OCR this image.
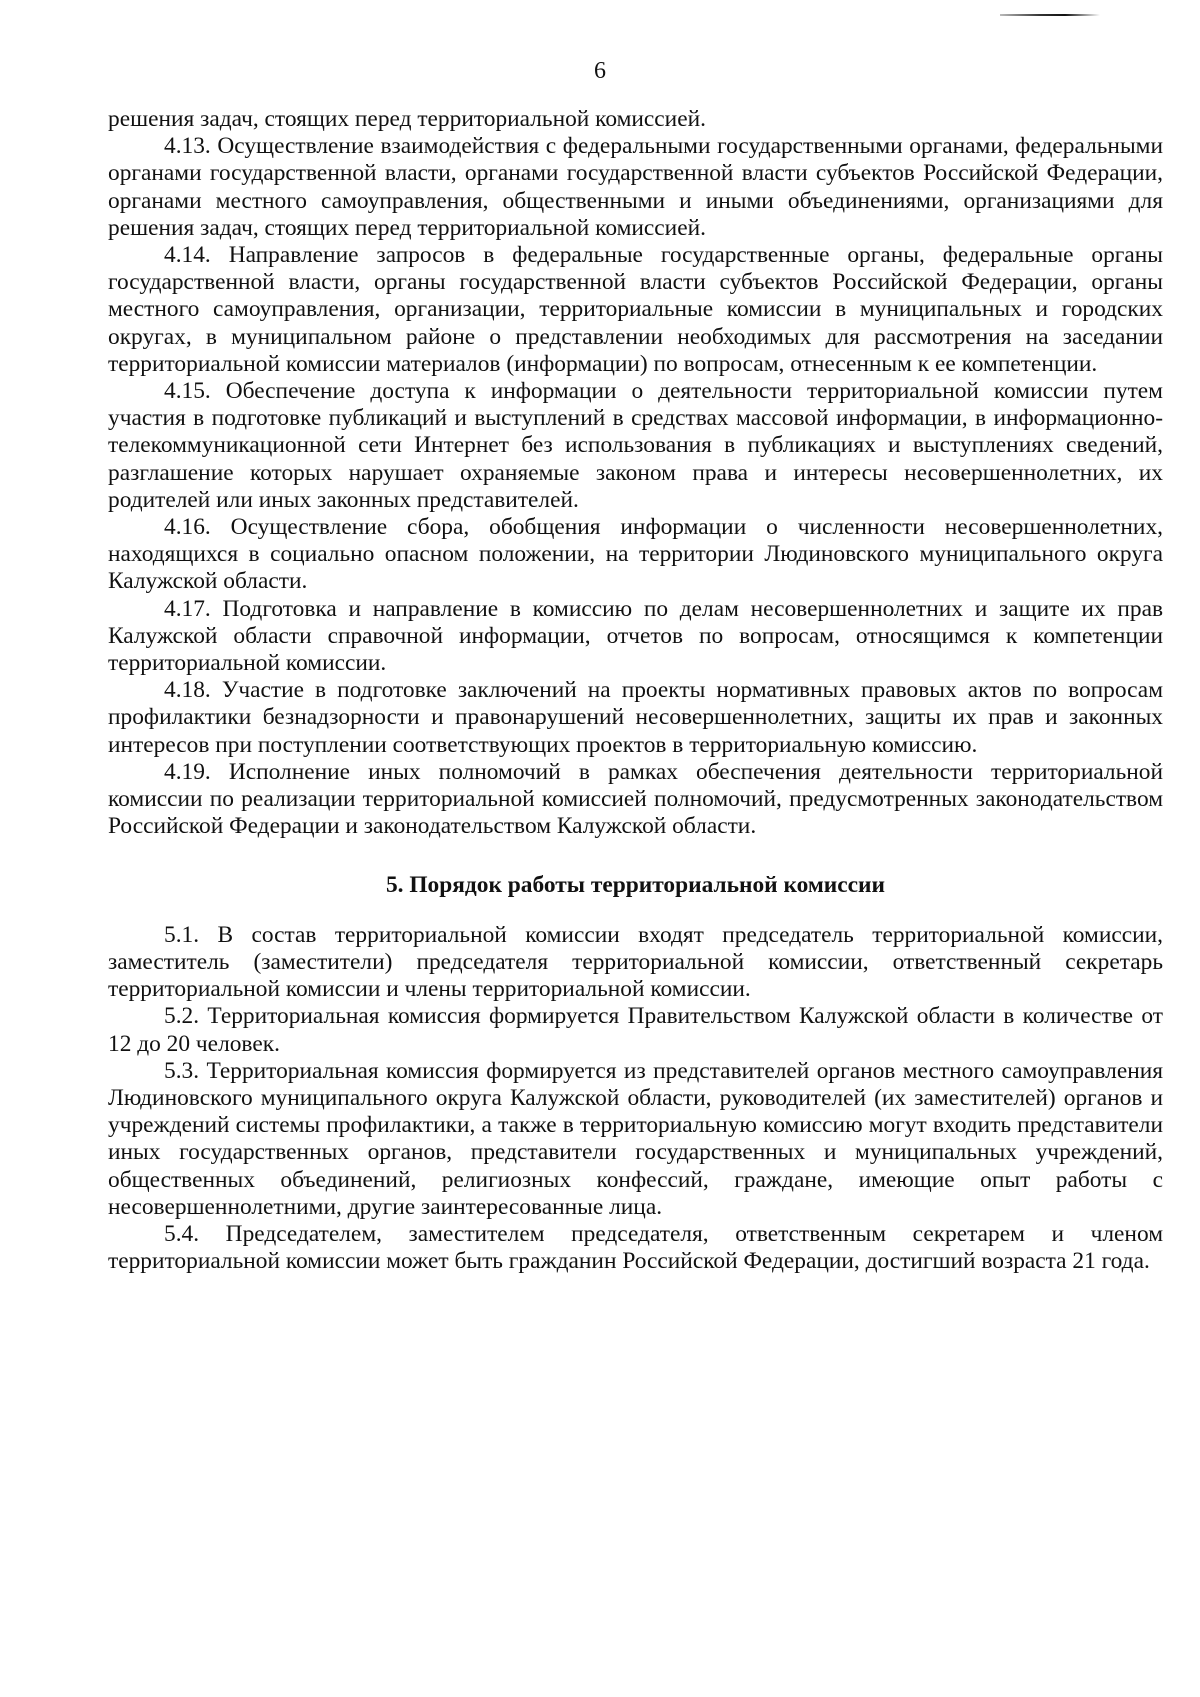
6

решения задач, стоящих перед территориальной комиссией.

4.13. Осуществление взаимодействия с федеральными государственными органами, федеральными органами государственной власти, органами государственной власти субъектов Российской Федерации, органами местного самоуправления, общественными и иными объединениями, организациями для решения задач, стоящих перед территориальной комиссией.

4.14. Направление запросов в федеральные государственные органы, федеральные органы государственной власти, органы государственной власти субъектов Российской Федерации, органы местного самоуправления, организации, территориальные комиссии в муниципальных и городских округах, в муниципальном районе о представлении необходимых для рассмотрения на заседании территориальной комиссии материалов (информации) по вопросам, отнесенным к ее компетенции.

4.15. Обеспечение доступа к информации о деятельности территориальной комиссии путем участия в подготовке публикаций и выступлений в средствах массовой информации, в информационно-телекоммуникационной сети Интернет без использования в публикациях и выступлениях сведений, разглашение которых нарушает охраняемые законом права и интересы несовершеннолетних, их родителей или иных законных представителей.

4.16. Осуществление сбора, обобщения информации о численности несовершеннолетних, находящихся в социально опасном положении, на территории Людиновского муниципального округа Калужской области.

4.17. Подготовка и направление в комиссию по делам несовершеннолетних и защите их прав Калужской области справочной информации, отчетов по вопросам, относящимся к компетенции территориальной комиссии.

4.18. Участие в подготовке заключений на проекты нормативных правовых актов по вопросам профилактики безнадзорности и правонарушений несовершеннолетних, защиты их прав и законных интересов при поступлении соответствующих проектов в территориальную комиссию.

4.19. Исполнение иных полномочий в рамках обеспечения деятельности территориальной комиссии по реализации территориальной комиссией полномочий, предусмотренных законодательством Российской Федерации и законодательством Калужской области.

5. Порядок работы территориальной комиссии

5.1. В состав территориальной комиссии входят председатель территориальной комиссии, заместитель (заместители) председателя территориальной комиссии, ответственный секретарь территориальной комиссии и члены территориальной комиссии.

5.2. Территориальная комиссия формируется Правительством Калужской области в количестве от 12 до 20 человек.

5.3. Территориальная комиссия формируется из представителей органов местного самоуправления Людиновского муниципального округа Калужской области, руководителей (их заместителей) органов и учреждений системы профилактики, а также в территориальную комиссию могут входить представители иных государственных органов, представители государственных и муниципальных учреждений, общественных объединений, религиозных конфессий, граждане, имеющие опыт работы с несовершеннолетними, другие заинтересованные лица.

5.4. Председателем, заместителем председателя, ответственным секретарем и членом территориальной комиссии может быть гражданин Российской Федерации, достигший возраста 21 года.
